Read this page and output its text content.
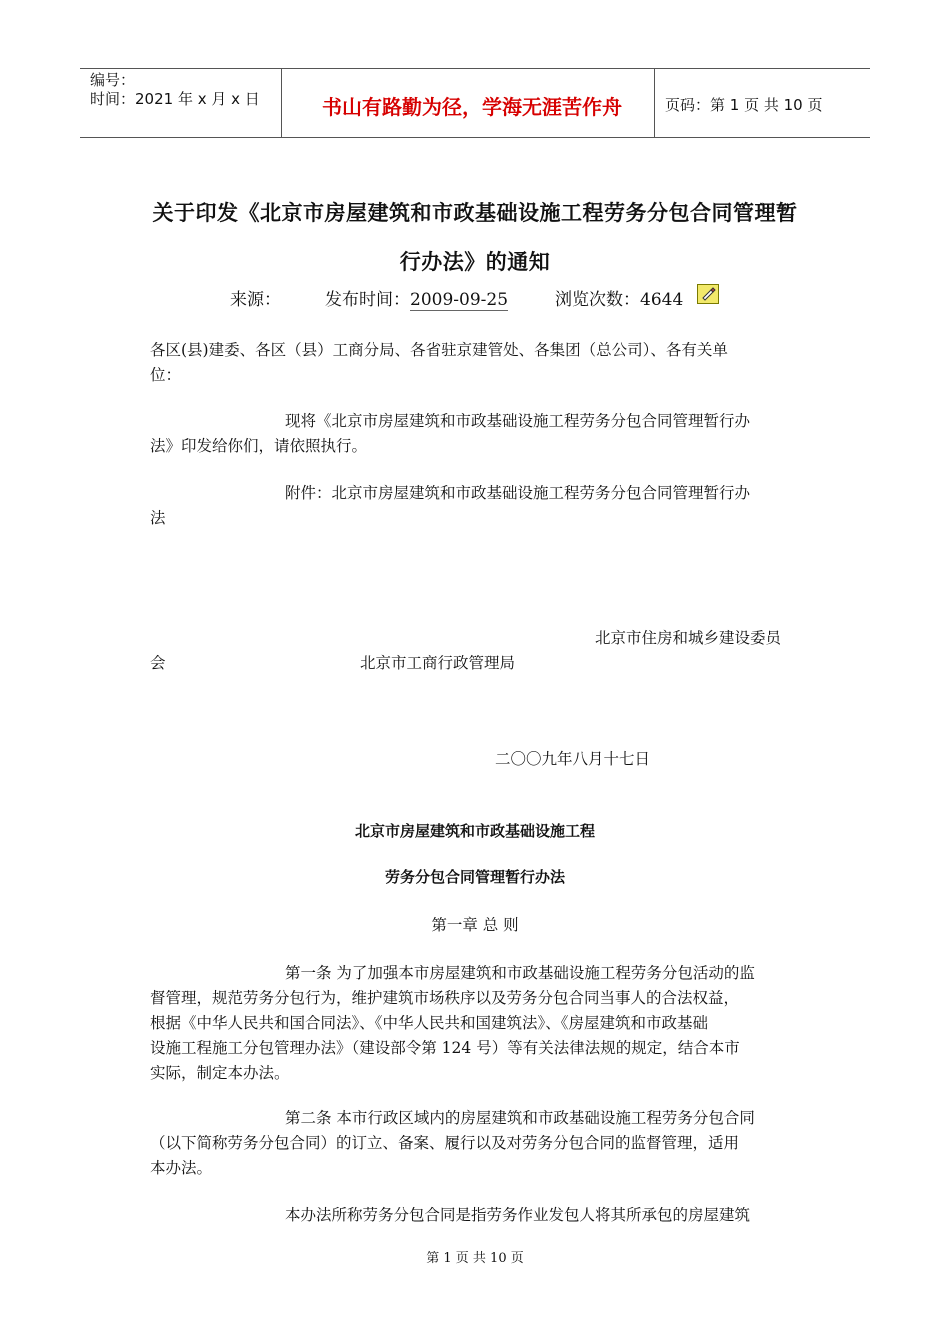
编号：
时间：2021 年 x 月 x 日	书山有路勤为径，学海无涯苦作舟	页码：第 1 页 共 10 页
关于印发《北京市房屋建筑和市政基础设施工程劳务分包合同管理暂
行办法》的通知
来源：	发布时间：2009-09-25	浏览次数：4644
各区(县)建委、各区（县）工商分局、各省驻京建管处、各集团（总公司）、各有关单
位：
现将《北京市房屋建筑和市政基础设施工程劳务分包合同管理暂行办
法》印发给你们，请依照执行。
附件：北京市房屋建筑和市政基础设施工程劳务分包合同管理暂行办
法
北京市住房和城乡建设委员
会	北京市工商行政管理局
二〇〇九年八月十七日
北京市房屋建筑和市政基础设施工程
劳务分包合同管理暂行办法
第一章 总 则
第一条 为了加强本市房屋建筑和市政基础设施工程劳务分包活动的监
督管理，规范劳务分包行为，维护建筑市场秩序以及劳务分包合同当事人的合法权益，
根据《中华人民共和国合同法》、《中华人民共和国建筑法》、《房屋建筑和市政基础
设施工程施工分包管理办法》（建设部令第 124 号）等有关法律法规的规定，结合本市
实际，制定本办法。
第二条 本市行政区域内的房屋建筑和市政基础设施工程劳务分包合同
（以下简称劳务分包合同）的订立、备案、履行以及对劳务分包合同的监督管理，适用
本办法。
本办法所称劳务分包合同是指劳务作业发包人将其所承包的房屋建筑
第 1 页 共 10 页
